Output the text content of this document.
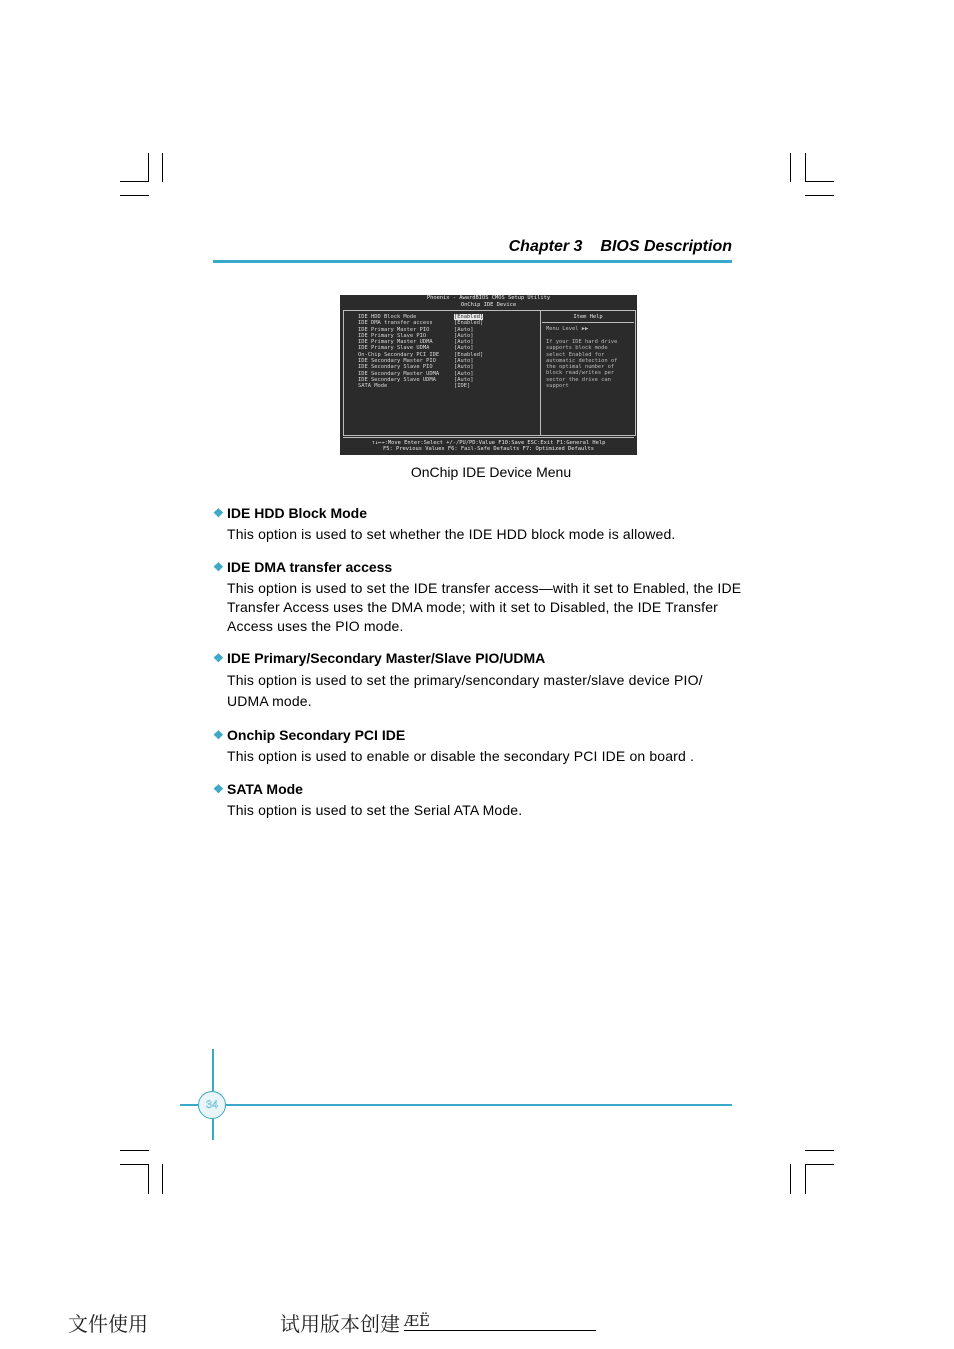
Chapter 3 BIOS Description
Phoenix - AwardBIOS CMOS Setup Utility
OnChip IDE Device
IDE HDD Block Mode	[Enabled]
IDE DMA transfer access	[Enabled]
IDE Primary Master PIO	[Auto]
IDE Primary Slave PIO	[Auto]
IDE Primary Master UDMA	[Auto]
IDE Primary Slave UDMA	[Auto]
On-Chip Secondary PCI IDE	[Enabled]
IDE Secondary Master PIO	[Auto]
IDE Secondary Slave PIO	[Auto]
IDE Secondary Master UDMA	[Auto]
IDE Secondary Slave UDMA	[Auto]
SATA Mode	[IDE]
Item Help
Menu Level ▶▶
If your IDE hard drive
supports block mode
select Enabled for
automatic detection of
the optimal number of
block read/writes per
sector the drive can
support
↑↓←→:Move Enter:Select +/-/PU/PD:Value F10:Save ESC:Exit F1:General Help
F5: Previous Values F6: Fail-Safe Defaults F7: Optimized Defaults
OnChip IDE Device Menu
❖ IDE HDD Block Mode
This option is used to set whether the IDE HDD block mode is allowed.
❖ IDE DMA transfer access
This option is used to set the IDE transfer access—with it set to Enabled, the IDE Transfer Access uses the DMA mode; with it set to Disabled, the IDE Transfer Access uses the PIO mode.
❖ IDE Primary/Secondary Master/Slave PIO/UDMA
This option is used to set the primary/sencondary master/slave device PIO/ UDMA mode.
❖ Onchip Secondary PCI IDE
This option is used to enable or disable the secondary PCI IDE on board .
❖ SATA Mode
This option is used to set the Serial ATA Mode.
34
文件使用	试用版本创建 ÆË
